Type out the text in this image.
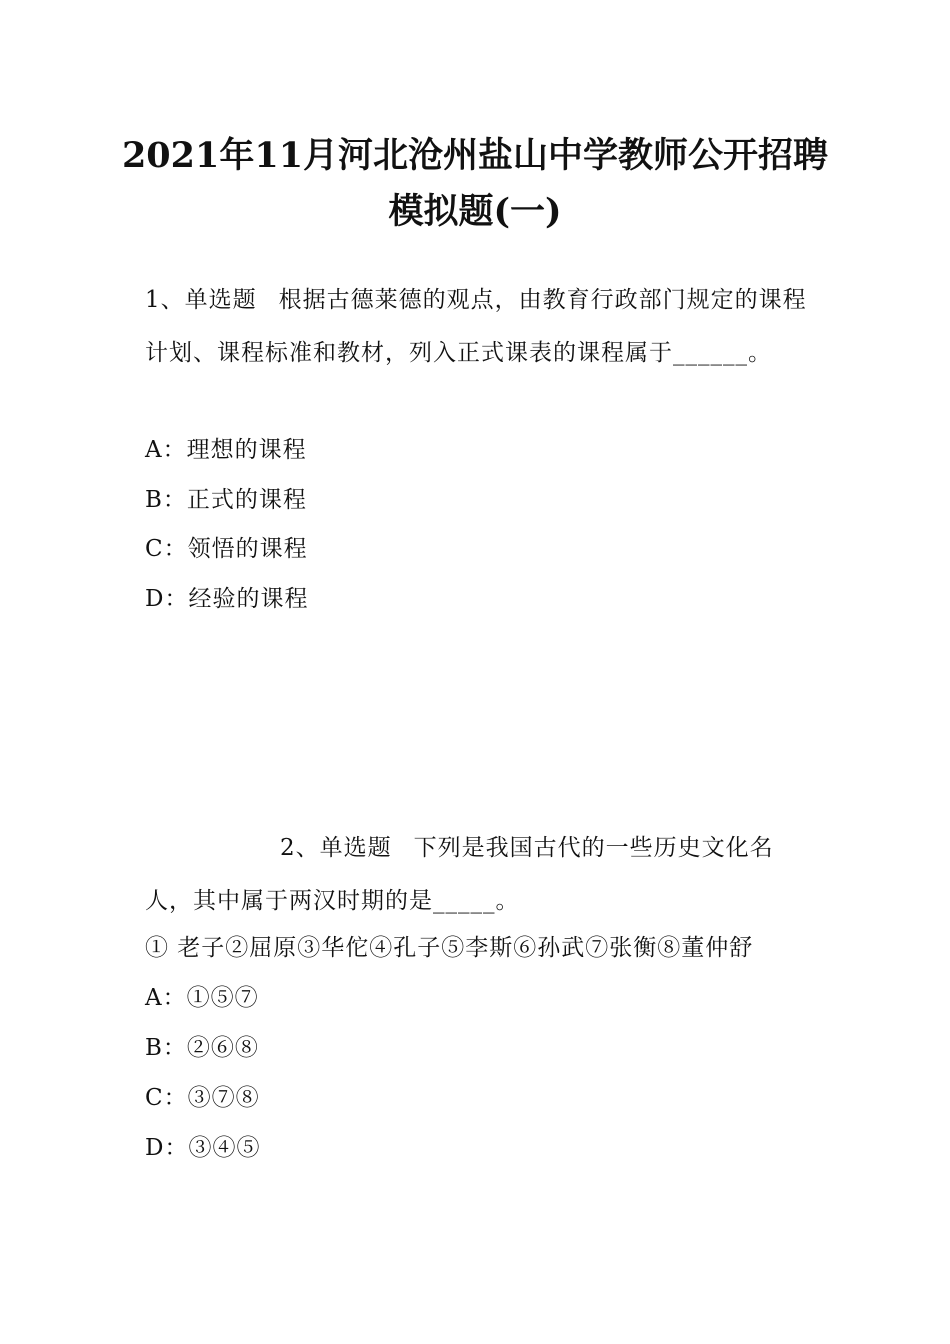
2021年11月河北沧州盐山中学教师公开招聘模拟题(一)
1、单选题 根据古德莱德的观点，由教育行政部门规定的课程计划、课程标准和教材，列入正式课表的课程属于______。
A：理想的课程
B：正式的课程
C：领悟的课程
D：经验的课程
2、单选题 下列是我国古代的一些历史文化名人，其中属于两汉时期的是_____。
① 老子②屈原③华佗④孔子⑤李斯⑥孙武⑦张衡⑧董仲舒
A：①⑤⑦
B：②⑥⑧
C：③⑦⑧
D：③④⑤
